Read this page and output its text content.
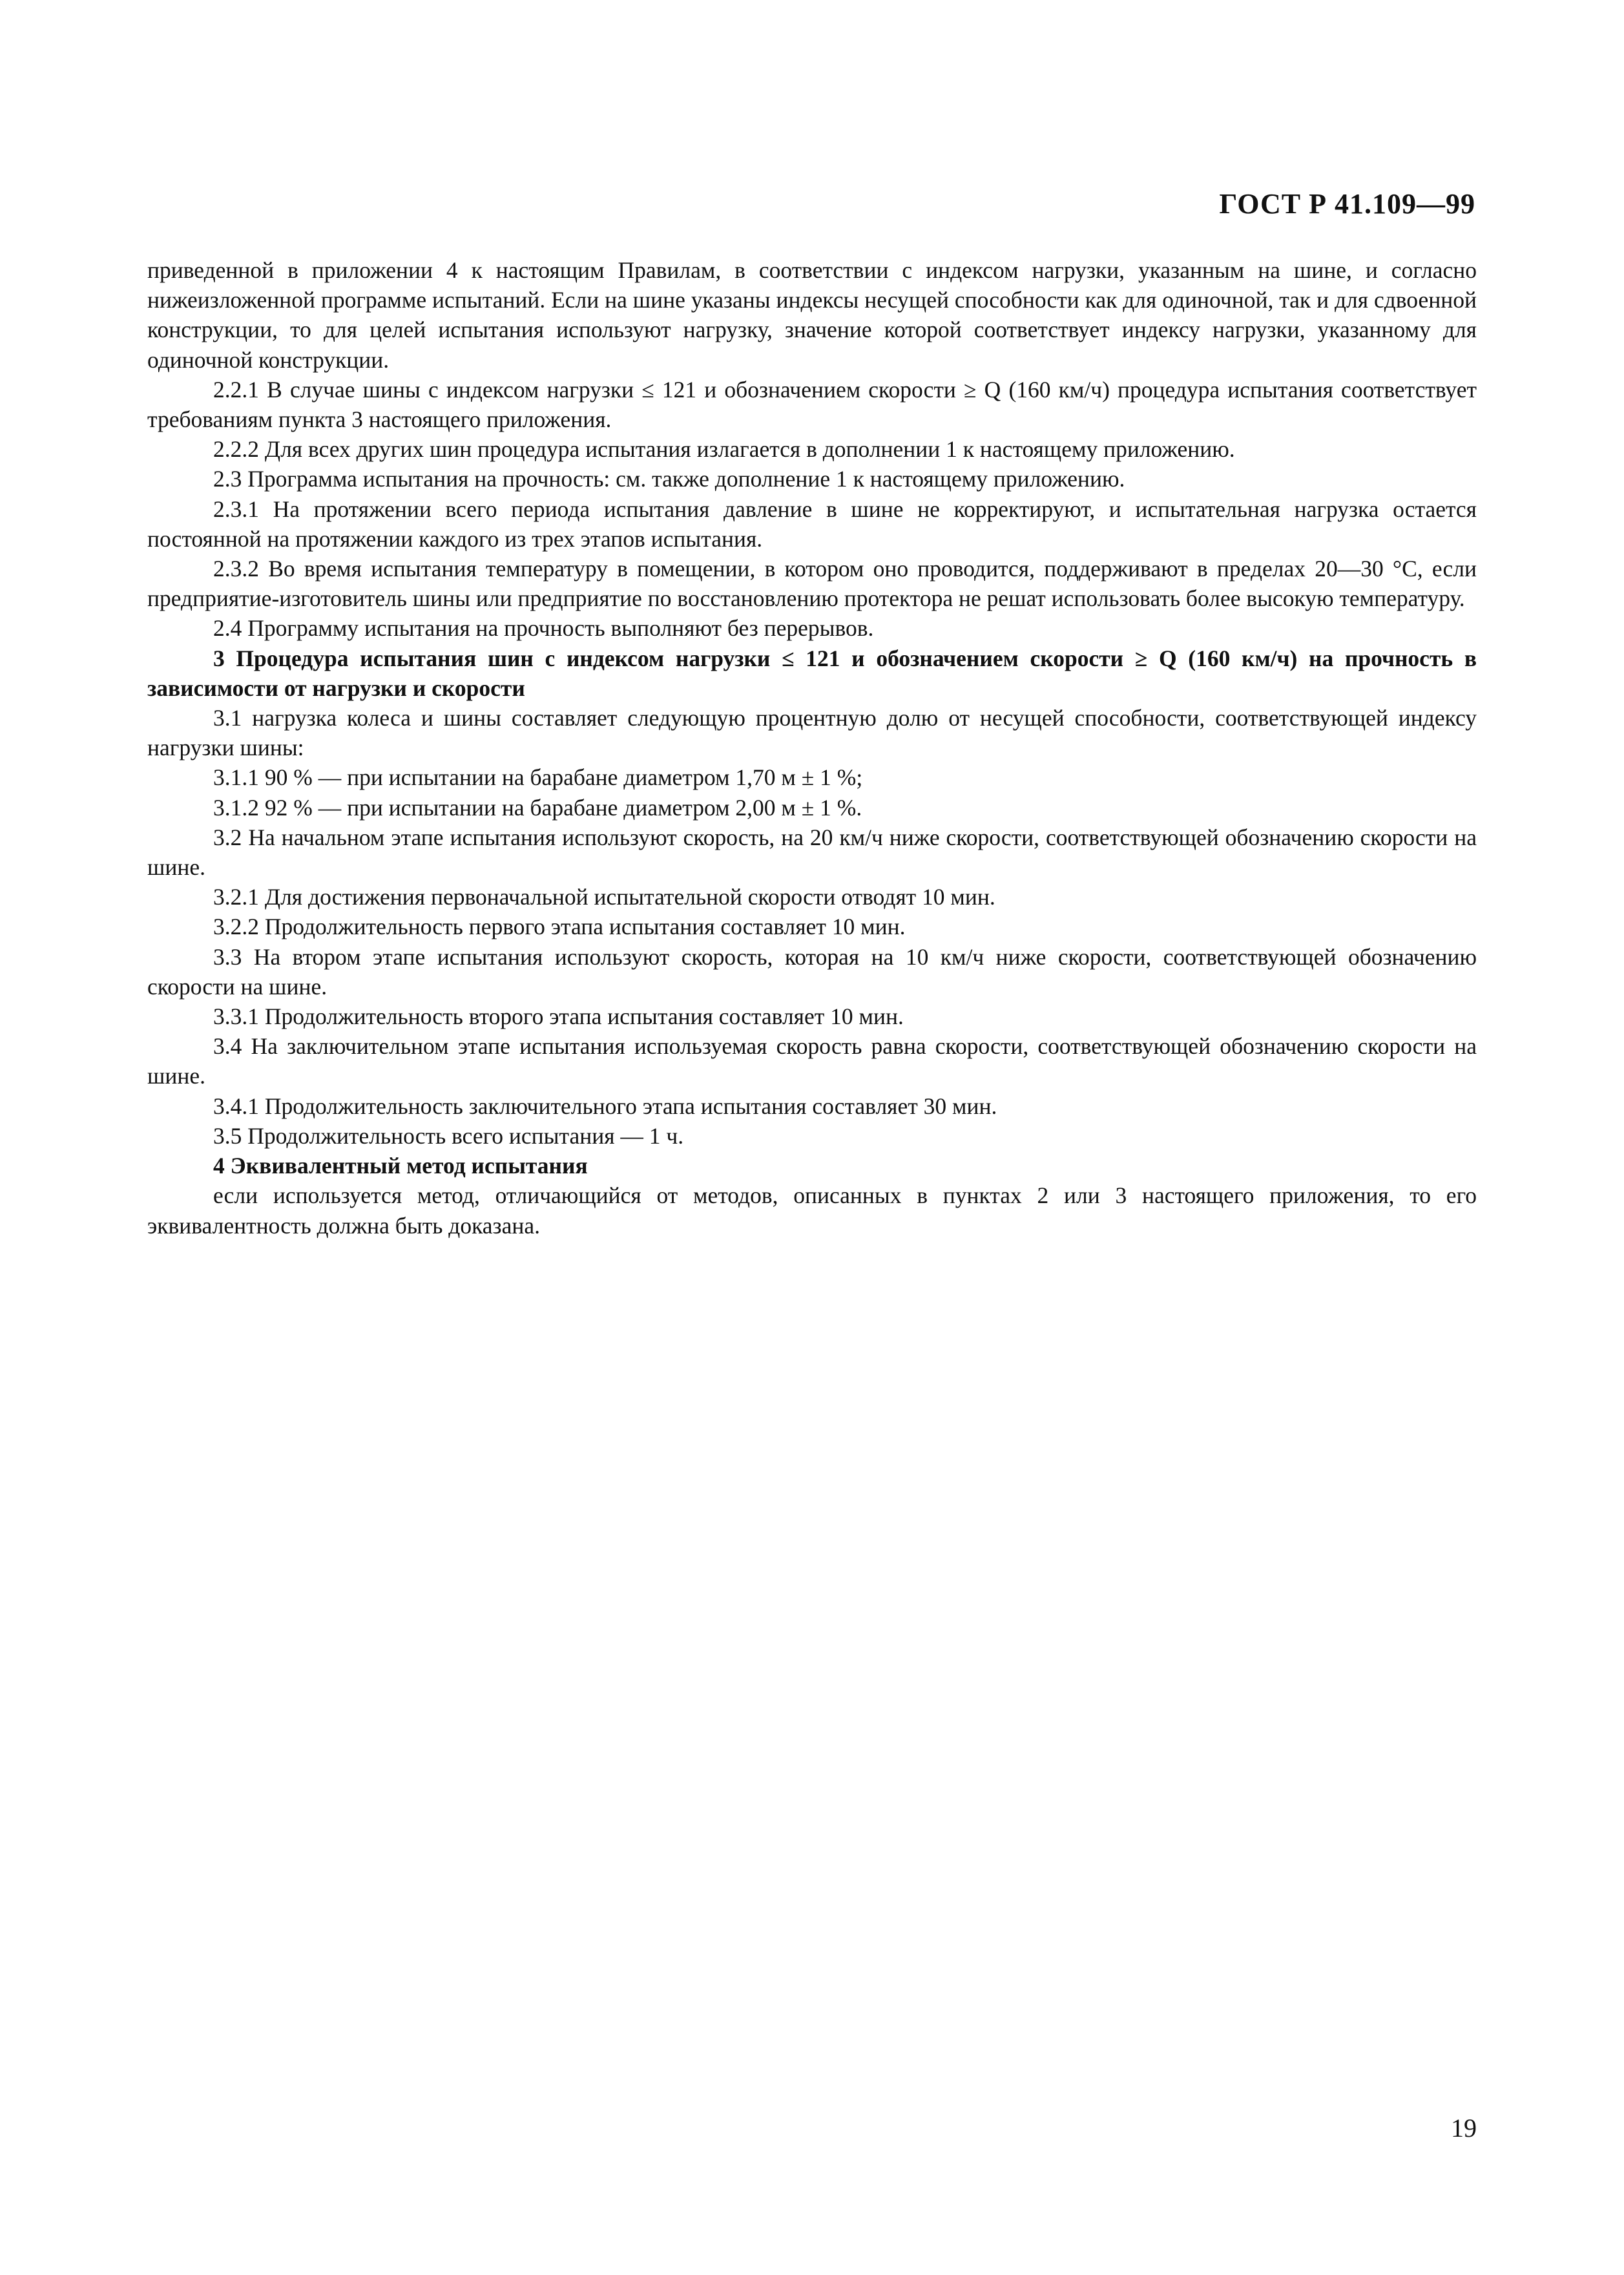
ГОСТ Р 41.109—99

приведенной в приложении 4 к настоящим Правилам, в соответствии с индексом нагрузки, указанным на шине, и согласно нижеизложенной программе испытаний. Если на шине указаны индексы несущей способности как для одиночной, так и для сдвоенной конструкции, то для целей испытания используют нагрузку, значение которой соответствует индексу нагрузки, указанному для одиночной конструкции.

2.2.1 В случае шины с индексом нагрузки ≤ 121 и обозначением скорости ≥ Q (160 км/ч) процедура испытания соответствует требованиям пункта 3 настоящего приложения.

2.2.2 Для всех других шин процедура испытания излагается в дополнении 1 к настоящему приложению.

2.3 Программа испытания на прочность: см. также дополнение 1 к настоящему приложению.

2.3.1 На протяжении всего периода испытания давление в шине не корректируют, и испытательная нагрузка остается постоянной на протяжении каждого из трех этапов испытания.

2.3.2 Во время испытания температуру в помещении, в котором оно проводится, поддерживают в пределах 20—30 °С, если предприятие-изготовитель шины или предприятие по восстановлению протектора не решат использовать более высокую температуру.

2.4 Программу испытания на прочность выполняют без перерывов.

3 Процедура испытания шин с индексом нагрузки ≤ 121 и обозначением скорости ≥ Q (160 км/ч) на прочность в зависимости от нагрузки и скорости

3.1 нагрузка колеса и шины составляет следующую процентную долю от несущей способности, соответствующей индексу нагрузки шины:

3.1.1 90 % — при испытании на барабане диаметром 1,70 м ± 1 %;

3.1.2 92 % — при испытании на барабане диаметром 2,00 м ± 1 %.

3.2 На начальном этапе испытания используют скорость, на 20 км/ч ниже скорости, соответствующей обозначению скорости на шине.

3.2.1 Для достижения первоначальной испытательной скорости отводят 10 мин.

3.2.2 Продолжительность первого этапа испытания составляет 10 мин.

3.3 На втором этапе испытания используют скорость, которая на 10 км/ч ниже скорости, соответствующей обозначению скорости на шине.

3.3.1 Продолжительность второго этапа испытания составляет 10 мин.

3.4 На заключительном этапе испытания используемая скорость равна скорости, соответствующей обозначению скорости на шине.

3.4.1 Продолжительность заключительного этапа испытания составляет 30 мин.

3.5 Продолжительность всего испытания — 1 ч.

4 Эквивалентный метод испытания

если используется метод, отличающийся от методов, описанных в пунктах 2 или 3 настоящего приложения, то его эквивалентность должна быть доказана.

19
